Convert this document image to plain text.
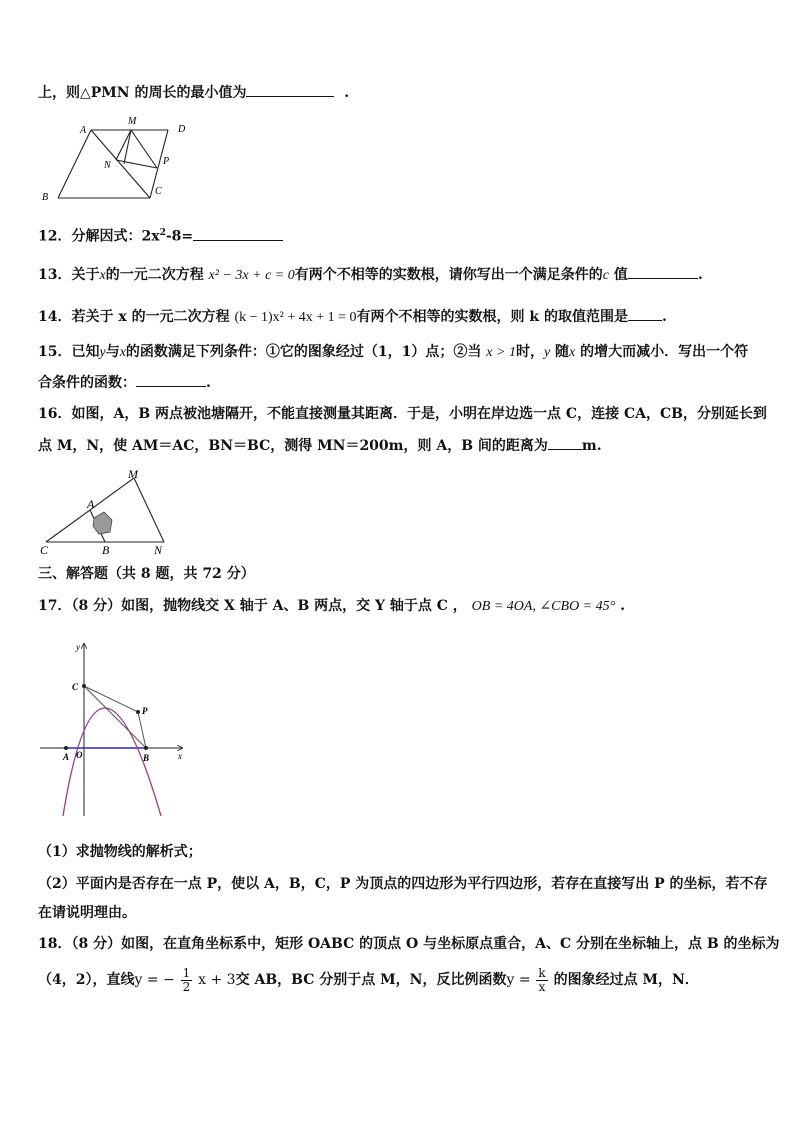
上，则△PMN 的周长的最小值为	.
A
M
D
N	P
B
C
12．分解因式：$2x^2-8=$
13．关于x的一元二次方程 x² − 3x + c = 0有两个不相等的实数根，请你写出一个满足条件的c 值	.
14．若关于 x 的一元二次方程 (k − 1)x² + 4x + 1 = 0有两个不相等的实数根，则 k 的取值范围是 .
15．已知y与x的函数满足下列条件：①它的图象经过（1，1）点；②当 x > 1时，y 随x 的增大而减小．写出一个符
合条件的函数：	.
16．如图，A，B 两点被池塘隔开，不能直接测量其距离．于是，小明在岸边选一点 C，连接 CA，CB，分别延长到
点 M，N，使 AM＝AC，BN＝BC，测得 MN＝200m，则 A，B 间的距离为 m.
M
A
C	B	N
三、解答题（共 8 题，共 72 分）
17．（8 分）如图，抛物线交 X 轴于 A、B 两点，交 Y 轴于点 C ， OB = 4OA, ∠CBO = 45° .
y
C
P
A O	B	x
（1）求抛物线的解析式；
（2）平面内是否存在一点 P，使以 A，B，C，P 为顶点的四边形为平行四边形，若存在直接写出 P 的坐标，若不存
在请说明理由。
18．（8 分）如图，在直角坐标系中，矩形 OABC 的顶点 O 与坐标原点重合，A、C 分别在坐标轴上，点 B 的坐标为
（4，2），直线y = − $\frac{1}{2}$ x + 3交 AB，BC 分别于点 M，N，反比例函数$y = \frac{k}{x}$ 的图象经过点 M，N．
